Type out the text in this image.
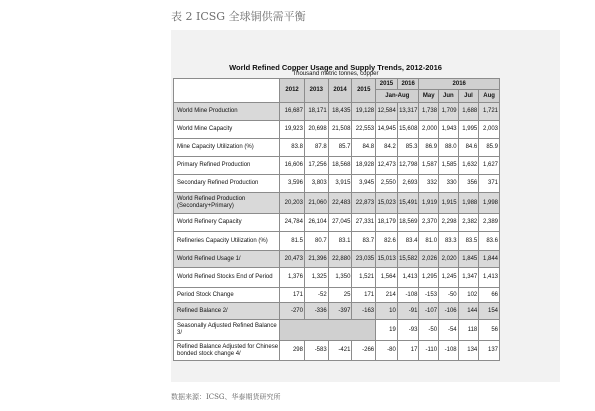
表 2 ICSG 全球铜供需平衡
World Refined Copper Usage and Supply Trends, 2012-2016
Thousand metric tonnes, copper
	2012	2013	2014	2015	2015	2016	2016			
					Jan-Aug		May	Jun	Jul	Aug
World Mine Production	16,687	18,171	18,435	19,128	12,584	13,317	1,738	1,709	1,688	1,721
World Mine Capacity	19,923	20,698	21,508	22,553	14,945	15,608	2,000	1,943	1,995	2,003
Mine Capacity Utilization (%)	83.8	87.8	85.7	84.8	84.2	85.3	86.9	88.0	84.6	85.9
Primary Refined Production	16,606	17,256	18,568	18,928	12,473	12,798	1,587	1,585	1,632	1,627
Secondary Refined Production	3,596	3,803	3,915	3,945	2,550	2,693	332	330	356	371
World Refined Production (Secondary+Primary)	20,203	21,060	22,483	22,873	15,023	15,491	1,919	1,915	1,988	1,998
World Refinery Capacity	24,784	26,104	27,045	27,331	18,179	18,569	2,370	2,298	2,382	2,389
Refineries Capacity Utilization (%)	81.5	80.7	83.1	83.7	82.6	83.4	81.0	83.3	83.5	83.6
World Refined Usage 1/	20,473	21,396	22,880	23,035	15,013	15,582	2,026	2,020	1,845	1,844
World Refined Stocks End of Period	1,376	1,325	1,350	1,521	1,564	1,413	1,295	1,245	1,347	1,413
Period Stock Change	171	-52	25	171	214	-108	-153	-50	102	66
Refined Balance 2/	-270	-336	-397	-163	10	-91	-107	-106	144	154
Seasonally Adjusted Refined Balance 3/					19	-93	-50	-54	118	56
Refined Balance Adjusted for Chinese bonded stock change 4/	298	-583	-421	-266	-80	17	-110	-108	134	137
数据来源：ICSG、华泰期货研究所
